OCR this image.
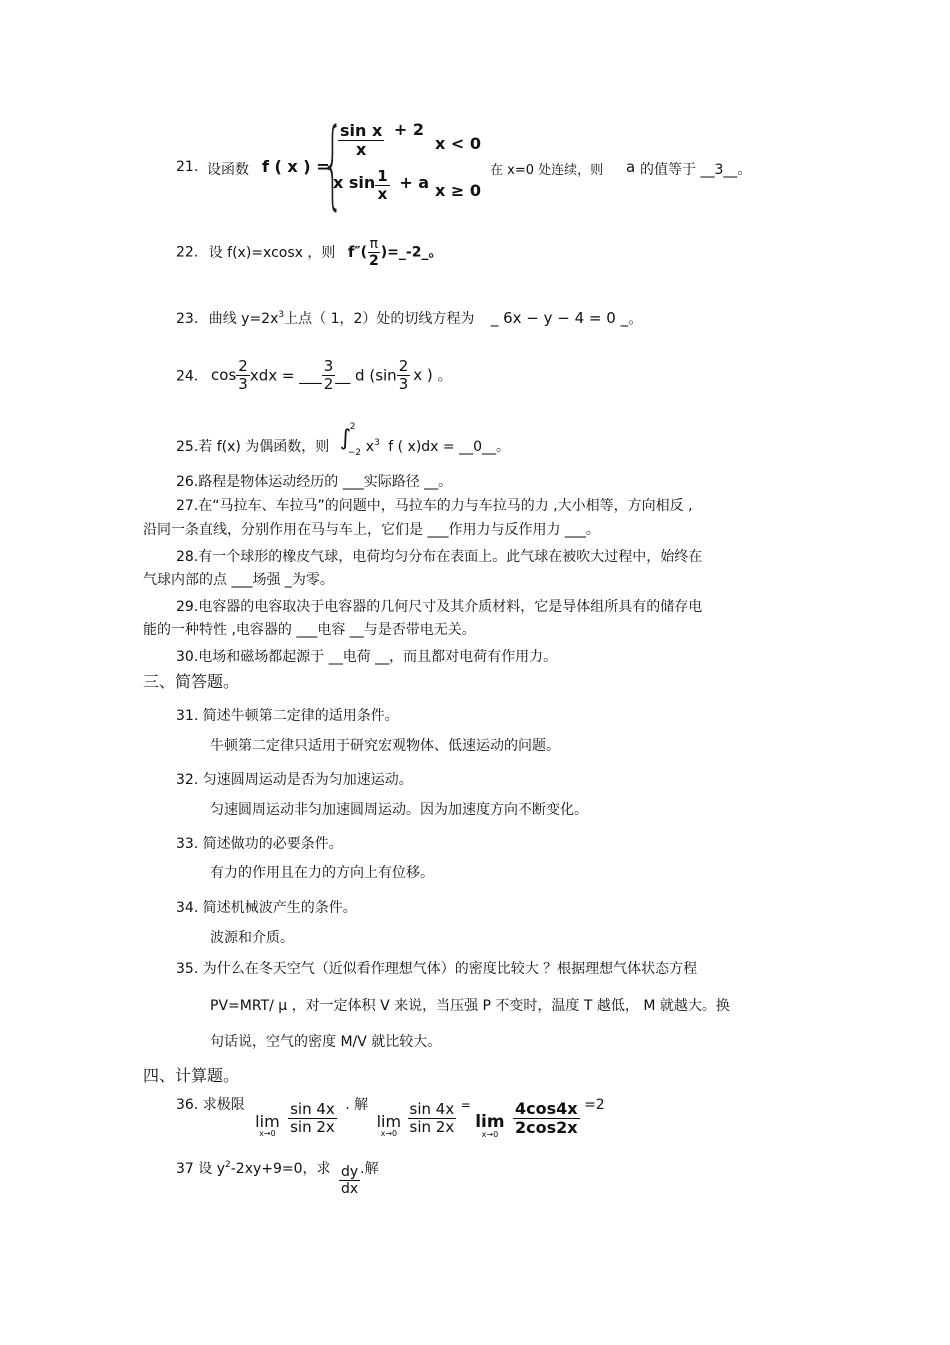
21. 设函数 f ( x ) =
{
$\frac{\text{sin x}}{x} + 2$
x < 0
x $\sin \frac{1}{x} + a$ x ≥ 0
在 x=0 处连续，则 a 的值等于 __3__。
22. 设 f(x)=xcosx ，则 $f''( \frac{\pi}{2}$ )=_-2_。
23. 曲线 $y=2x^3$上点（ 1，2）处的切线方程为 _ 6x − y − 4 = 0 _。
24. $\cos \frac{2}{3}$ xdx = ___ $\frac{3}{2}$ __ d ($\sin \frac{2}{3}$ x ) 。
25.若 f(x) 为偶函数，则 ∫
2
−2 x3 f ( x)dx = __0__。
26.路程是物体运动经历的 ___实际路径 __。
27.在“马拉车、车拉马”的问题中，马拉车的力与车拉马的力 ,大小相等，方向相反 ,
沿同一条直线，分别作用在马与车上，它们是 ___作用力与反作用力 ___。
28.有一个球形的橡皮气球，电荷均匀分布在表面上。此气球在被吹大过程中，始终在
气球内部的点 ___场强 _为零。
29.电容器的电容取决于电容器的几何尺寸及其介质材料，它是导体组所具有的储存电
能的一种特性 ,电容器的 ___电容 __与是否带电无关。
30.电场和磁场都起源于 __电荷 __，而且都对电荷有作用力。
三、简答题。
31. 简述牛顿第二定律的适用条件。
牛顿第二定律只适用于研究宏观物体、低速运动的问题。
32. 匀速圆周运动是否为匀加速运动。
匀速圆周运动非匀加速圆周运动。因为加速度方向不断变化。
33. 简述做功的必要条件。
有力的作用且在力的方向上有位移。
34. 简述机械波产生的条件。
波源和介质。
35. 为什么在冬天空气（近似看作理想气体）的密度比较大 ？根据理想气体状态方程
PV=MRT/ μ ，对一定体积 V 来说，当压强 P 不变时，温度 T 越低， M 就越大。换
句话说，空气的密度 M/V 就比较大。
四、计算题。
36. 求极限
lim
x→0
$\frac{\sin 4x}{\sin 2x}$ . 解
lim
x→0
$\frac{\sin 4x}{\sin 2x}$ =
lim
x→0
$\frac{4\cos 4x}{2\cos 2x} =2$
37 设 $y^2-2xy+9=0$，求 $\frac{dy}{dx}$ .解
